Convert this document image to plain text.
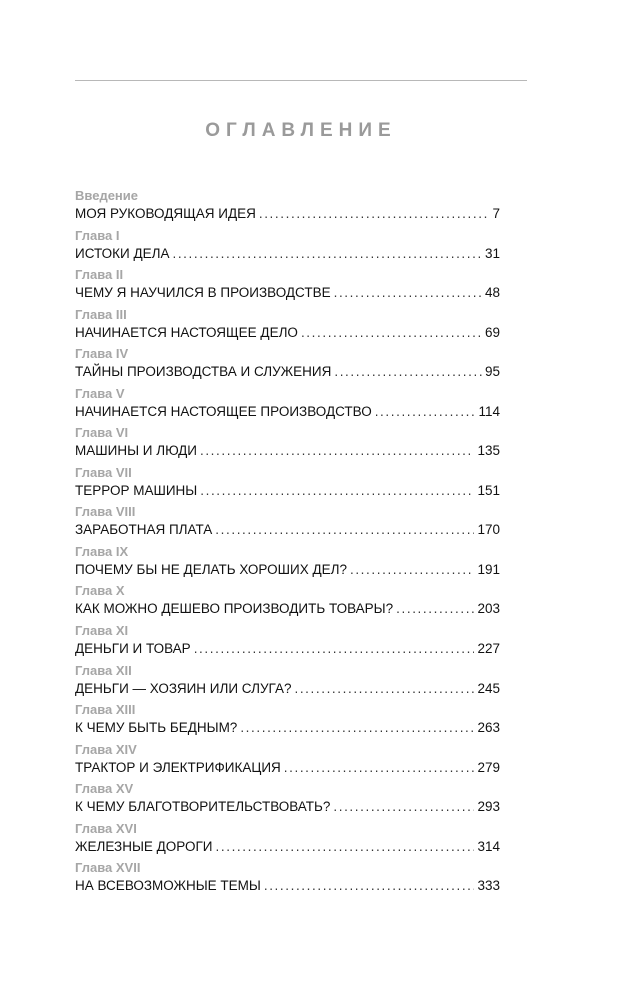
ОГЛАВЛЕНИЕ
Введение
МОЯ РУКОВОДЯЩАЯ ИДЕЯ .....	7
Глава I
ИСТОКИ ДЕЛА .....	31
Глава II
ЧЕМУ Я НАУЧИЛСЯ В ПРОИЗВОДСТВЕ .....	48
Глава III
НАЧИНАЕТСЯ НАСТОЯЩЕЕ ДЕЛО .....	69
Глава IV
ТАЙНЫ ПРОИЗВОДСТВА И СЛУЖЕНИЯ .....	95
Глава V
НАЧИНАЕТСЯ НАСТОЯЩЕЕ ПРОИЗВОДСТВО .....	114
Глава VI
МАШИНЫ И ЛЮДИ .....	135
Глава VII
ТЕРРОР МАШИНЫ .....	151
Глава VIII
ЗАРАБОТНАЯ ПЛАТА .....	170
Глава IX
ПОЧЕМУ БЫ НЕ ДЕЛАТЬ ХОРОШИХ ДЕЛ? .....	191
Глава X
КАК МОЖНО ДЕШЕВО ПРОИЗВОДИТЬ ТОВАРЫ? .....	203
Глава XI
ДЕНЬГИ И ТОВАР .....	227
Глава XII
ДЕНЬГИ — ХОЗЯИН ИЛИ СЛУГА? .....	245
Глава XIII
К ЧЕМУ БЫТЬ БЕДНЫМ? .....	263
Глава XIV
ТРАКТОР И ЭЛЕКТРИФИКАЦИЯ .....	279
Глава XV
К ЧЕМУ БЛАГОТВОРИТЕЛЬСТВОВАТЬ? .....	293
Глава XVI
ЖЕЛЕЗНЫЕ ДОРОГИ .....	314
Глава XVII
НА ВСЕВОЗМОЖНЫЕ ТЕМЫ .....	333
